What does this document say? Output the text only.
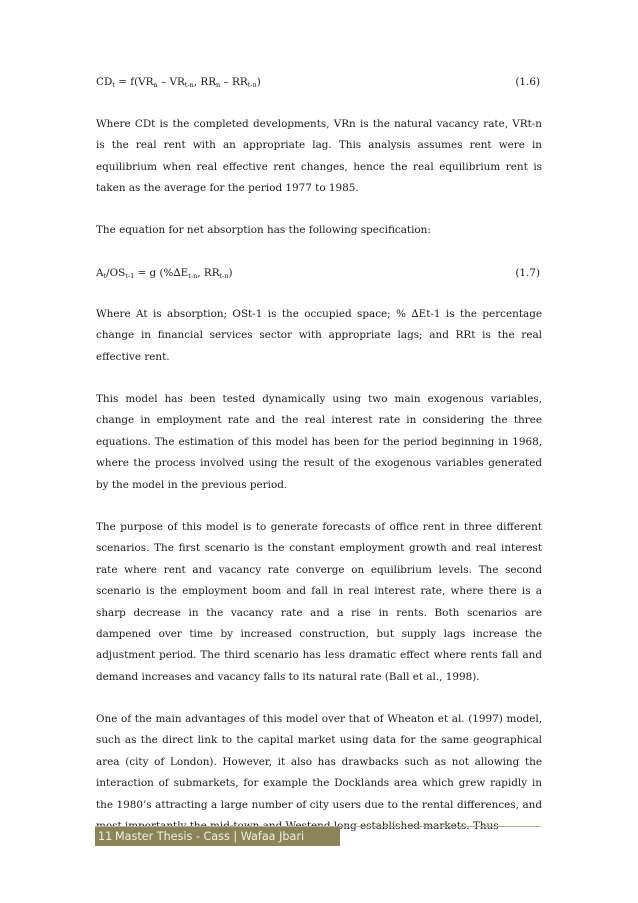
$CD_t = f(VR_n - VR_{t-n}$, $RR_n - RR_{t-n}$)	(1.6)

Where CDt is the completed developments, VRn is the natural vacancy rate, VRt-n is the real rent with an appropriate lag. This analysis assumes rent were in equilibrium when real effective rent changes, hence the real equilibrium rent is taken as the average for the period 1977 to 1985.

The equation for net absorption has the following specification:

$A_t/OS_{t-1} = g$ ($\%\Delta E_{t-n}$, $RR_{t-n}$)	(1.7)

Where At is absorption; OSt-1 is the occupied space; % ∆Et-1 is the percentage change in financial services sector with appropriate lags; and RRt is the real effective rent.

This model has been tested dynamically using two main exogenous variables, change in employment rate and the real interest rate in considering the three equations. The estimation of this model has been for the period beginning in 1968, where the process involved using the result of the exogenous variables generated by the model in the previous period.

The purpose of this model is to generate forecasts of office rent in three different scenarios. The first scenario is the constant employment growth and real interest rate where rent and vacancy rate converge on equilibrium levels. The second scenario is the employment boom and fall in real interest rate, where there is a sharp decrease in the vacancy rate and a rise in rents. Both scenarios are dampened over time by increased construction, but supply lags increase the adjustment period. The third scenario has less dramatic effect where rents fall and demand increases and vacancy falls to its natural rate (Ball et al., 1998).

One of the main advantages of this model over that of Wheaton et al. (1997) model, such as the direct link to the capital market using data for the same geographical area (city of London). However, it also has drawbacks such as not allowing the interaction of submarkets, for example the Docklands area which grew rapidly in the 1980’s attracting a large number of city users due to the rental differences, and long established markets. Thus

11 Master Thesis - Cass | Wafaa Jbari
